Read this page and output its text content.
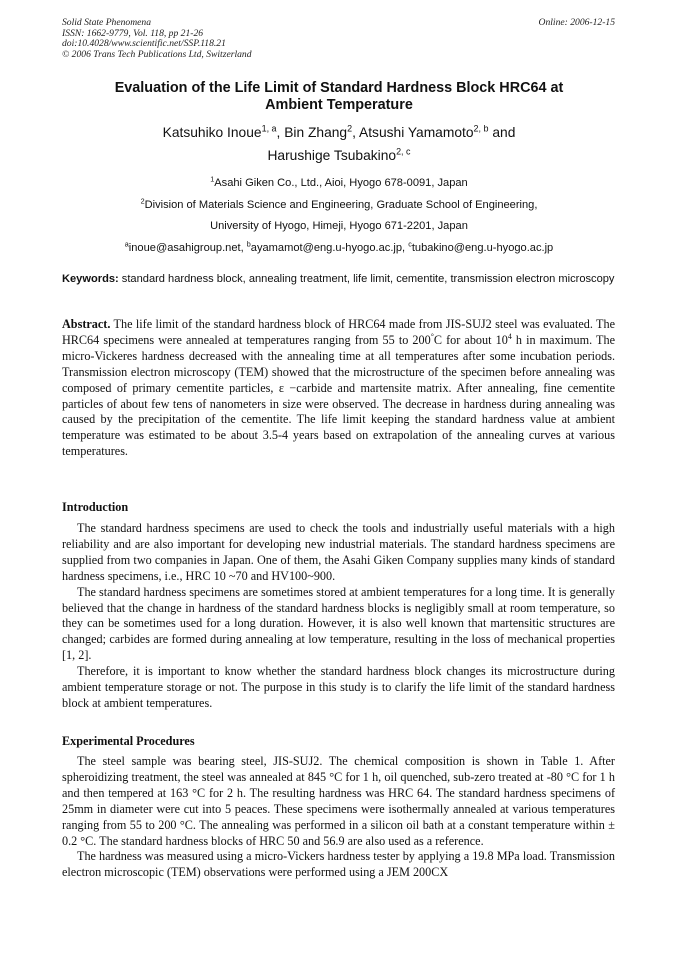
Solid State Phenomena
ISSN: 1662-9779, Vol. 118, pp 21-26
doi:10.4028/www.scientific.net/SSP.118.21
© 2006 Trans Tech Publications Ltd, Switzerland
Online: 2006-12-15
Evaluation of the Life Limit of Standard Hardness Block HRC64 at
Ambient Temperature
Katsuhiko Inoue$^{1, a}$, Bin Zhang$^2$, Atsushi Yamamoto$^{2, b}$ and
Harushige Tsubakino$^{2, c}$
$^1$Asahi Giken Co., Ltd., Aioi, Hyogo 678-0091, Japan
$^2$Division of Materials Science and Engineering, Graduate School of Engineering,
University of Hyogo, Himeji, Hyogo 671-2201, Japan
$^a$inoue@asahigroup.net, $^b$ayamamot@eng.u-hyogo.ac.jp, $^c$tubakino@eng.u-hyogo.ac.jp
Keywords: standard hardness block, annealing treatment, life limit, cementite, transmission electron microscopy
Abstract. The life limit of the standard hardness block of HRC64 made from JIS-SUJ2 steel was evaluated. The HRC64 specimens were annealed at temperatures ranging from 55 to 200°C for about $10^4$ h in maximum. The micro-Vickeres hardness decreased with the annealing time at all temperatures after some incubation periods. Transmission electron microscopy (TEM) showed that the microstructure of the specimen before annealing was composed of primary cementite particles, ε −carbide and martensite matrix. After annealing, fine cementite particles of about few tens of nanometers in size were observed. The decrease in hardness during annealing was caused by the precipitation of the cementite. The life limit keeping the standard hardness value at ambient temperature was estimated to be about 3.5-4 years based on extrapolation of the annealing curves at various temperatures.
Introduction

The standard hardness specimens are used to check the tools and industrially useful materials with a high reliability and are also important for developing new industrial materials. The standard hardness specimens are supplied from two companies in Japan. One of them, the Asahi Giken Company supplies many kinds of standard hardness specimens, i.e., HRC 10 ~70 and HV100~900.

The standard hardness specimens are sometimes stored at ambient temperatures for a long time. It is generally believed that the change in hardness of the standard hardness blocks is negligibly small at room temperature, so they can be sometimes used for a long duration. However, it is also well known that martensitic structures are changed; carbides are formed during annealing at low temperature, resulting in the loss of mechanical properties [1, 2].

Therefore, it is important to know whether the standard hardness block changes its microstructure during ambient temperature storage or not. The purpose in this study is to clarify the life limit of the standard hardness block at ambient temperatures.

Experimental Procedures

The steel sample was bearing steel, JIS-SUJ2. The chemical composition is shown in Table 1. After spheroidizing treatment, the steel was annealed at 845 °C for 1 h, oil quenched, sub-zero treated at -80 °C for 1 h and then tempered at 163 °C for 2 h. The resulting hardness was HRC 64. The standard hardness specimens of 25mm in diameter were cut into 5 peaces. These specimens were isothermally annealed at various temperatures ranging from 55 to 200 °C. The annealing was performed in a silicon oil bath at a constant temperature within ± 0.2 °C. The standard hardness blocks of HRC 50 and 56.9 are also used as a reference.

The hardness was measured using a micro-Vickers hardness tester by applying a 19.8 MPa load. Transmission electron microscopic (TEM) observations were performed using a JEM 200CX
